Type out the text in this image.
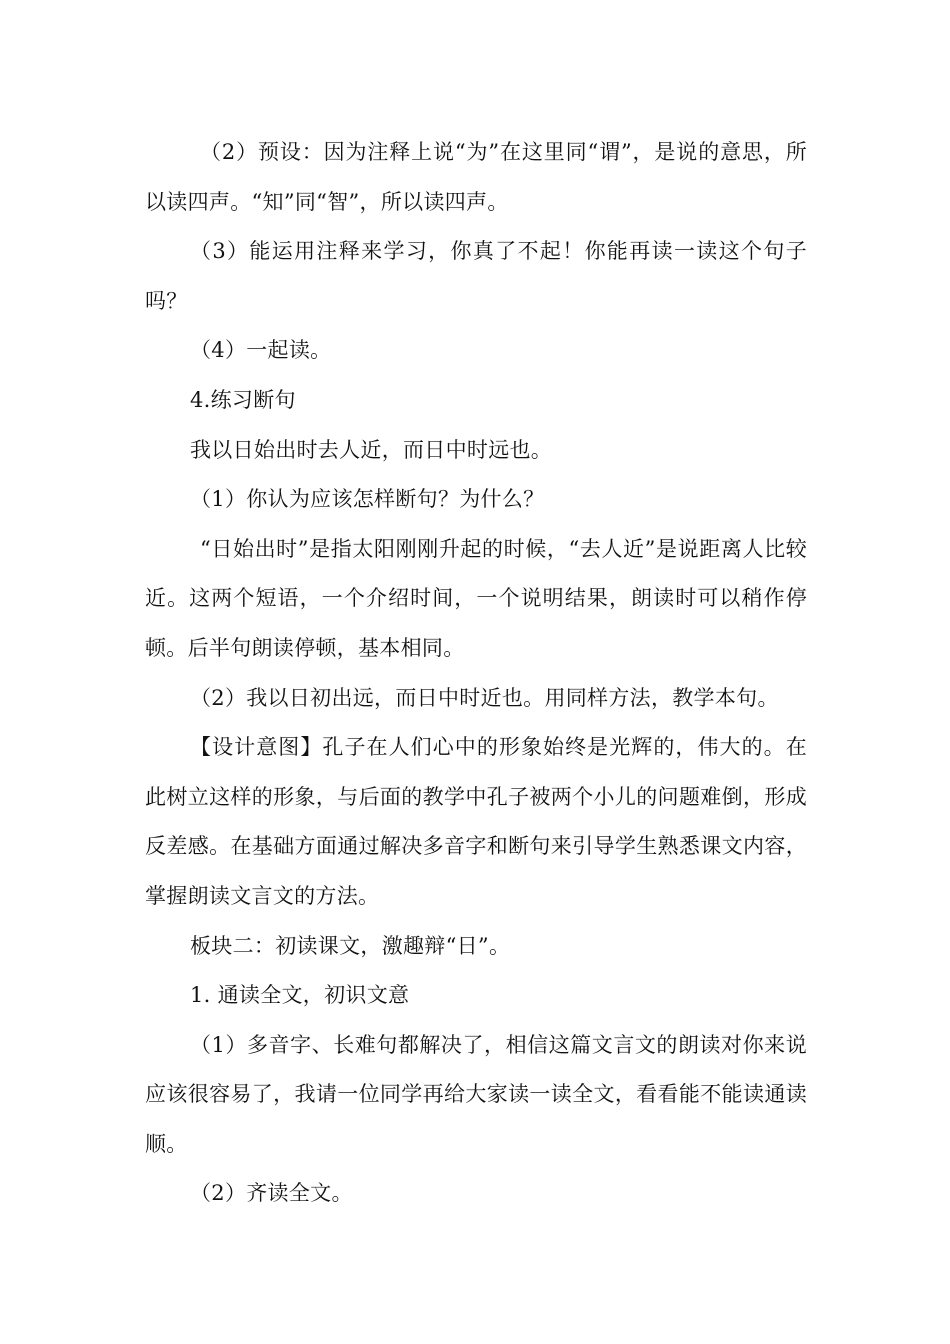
（2）预设：因为注释上说“为”在这里同“谓”，是说的意思，所以读四声。“知”同“智”，所以读四声。

（3）能运用注释来学习，你真了不起！你能再读一读这个句子吗？

（4）一起读。

4.练习断句

我以日始出时去人近，而日中时远也。

（1）你认为应该怎样断句？为什么？

“日始出时”是指太阳刚刚升起的时候，“去人近”是说距离人比较近。这两个短语，一个介绍时间，一个说明结果，朗读时可以稍作停顿。后半句朗读停顿，基本相同。

（2）我以日初出远，而日中时近也。用同样方法，教学本句。

【设计意图】孔子在人们心中的形象始终是光辉的，伟大的。在此树立这样的形象，与后面的教学中孔子被两个小儿的问题难倒，形成反差感。在基础方面通过解决多音字和断句来引导学生熟悉课文内容，掌握朗读文言文的方法。

板块二：初读课文，激趣辩“日”。

1. 通读全文，初识文意

（1）多音字、长难句都解决了，相信这篇文言文的朗读对你来说应该很容易了，我请一位同学再给大家读一读全文，看看能不能读通读顺。

（2）齐读全文。
